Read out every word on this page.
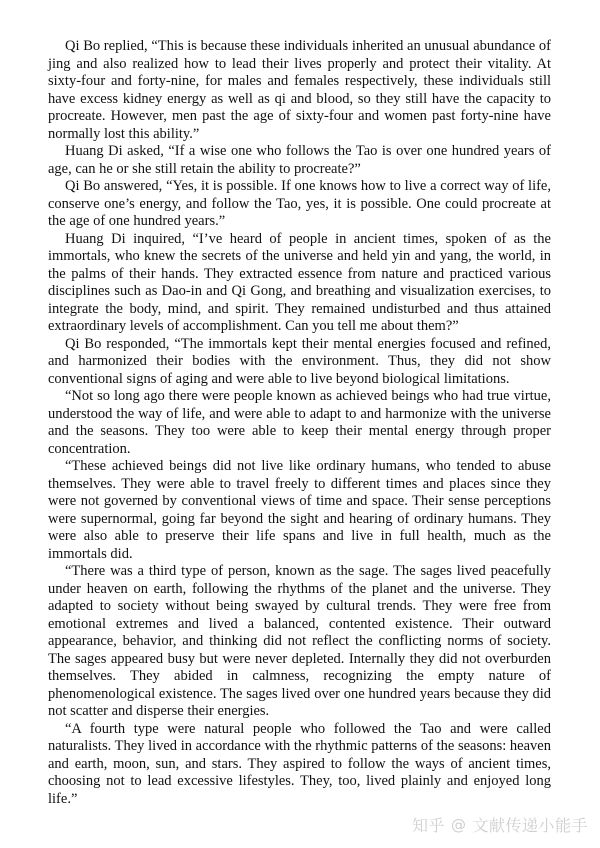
Qi Bo replied, “This is because these individuals inherited an unusual abundance of jing and also realized how to lead their lives properly and protect their vitality. At sixty-four and forty-nine, for males and females respectively, these individuals still have excess kidney energy as well as qi and blood, so they still have the capacity to procreate. However, men past the age of sixty-four and women past forty-nine have normally lost this ability.”

Huang Di asked, “If a wise one who follows the Tao is over one hundred years of age, can he or she still retain the ability to procreate?”

Qi Bo answered, “Yes, it is possible. If one knows how to live a correct way of life, conserve one’s energy, and follow the Tao, yes, it is possible. One could procreate at the age of one hundred years.”

Huang Di inquired, “I’ve heard of people in ancient times, spoken of as the immortals, who knew the secrets of the universe and held yin and yang, the world, in the palms of their hands. They extracted essence from nature and practiced various disciplines such as Dao-in and Qi Gong, and breathing and visualization exercises, to integrate the body, mind, and spirit. They remained undisturbed and thus attained extraordinary levels of accomplishment. Can you tell me about them?”

Qi Bo responded, “The immortals kept their mental energies focused and refined, and harmonized their bodies with the environment. Thus, they did not show conventional signs of aging and were able to live beyond biological limitations.

“Not so long ago there were people known as achieved beings who had true virtue, understood the way of life, and were able to adapt to and harmonize with the universe and the seasons. They too were able to keep their mental energy through proper concentration.

“These achieved beings did not live like ordinary humans, who tended to abuse themselves. They were able to travel freely to different times and places since they were not governed by conventional views of time and space. Their sense perceptions were supernormal, going far beyond the sight and hearing of ordinary humans. They were also able to preserve their life spans and live in full health, much as the immortals did.

“There was a third type of person, known as the sage. The sages lived peacefully under heaven on earth, following the rhythms of the planet and the universe. They adapted to society without being swayed by cultural trends. They were free from emotional extremes and lived a balanced, contented existence. Their outward appearance, behavior, and thinking did not reflect the conflicting norms of society. The sages appeared busy but were never depleted. Internally they did not overburden themselves. They abided in calmness, recognizing the empty nature of phenomenological existence. The sages lived over one hundred years because they did not scatter and disperse their energies.

“A fourth type were natural people who followed the Tao and were called naturalists. They lived in accordance with the rhythmic patterns of the seasons: heaven and earth, moon, sun, and stars. They aspired to follow the ways of ancient times, choosing not to lead excessive lifestyles. They, too, lived plainly and enjoyed long life.”

知乎 @ 文献传递小能手
